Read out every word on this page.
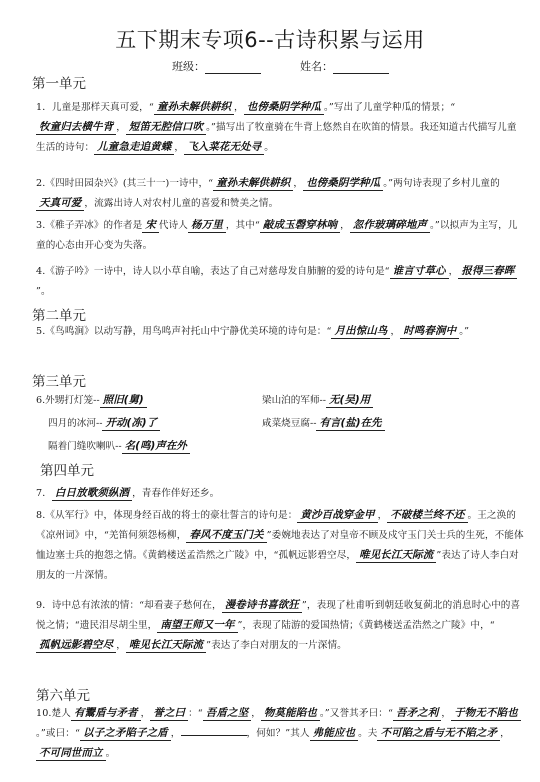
五下期末专项6--古诗积累与运用
班级：	姓名：
第一单元
1．儿童是那样天真可爱，“ 童孙未解供耕织 ， 也傍桑阴学种瓜 。”写出了儿童学种瓜的情景；“牧童归去横牛背 ， 短笛无腔信口吹 。”描写出了牧童骑在牛背上悠然自在吹笛的情景。我还知道古代描写儿童生活的诗句： 儿童急走追黄蝶 ， 飞入菜花无处寻 。
2.《四时田园杂兴》(其三十一)一诗中，“ 童孙未解供耕织 ， 也傍桑阴学种瓜 。”两句诗表现了乡村儿童的天真可爱 ，流露出诗人对农村儿童的喜爱和赞美之情。
3.《稚子弄冰》的作者是 宋 代诗人 杨万里 ，其中“ 敲成玉磬穿林响 ， 忽作玻璃碎地声 。”以拟声为主写，儿童的心态由开心变为失落。
4.《游子吟》一诗中，诗人以小草自喻，表达了自己对慈母发自肺腑的爱的诗句是“ 谁言寸草心 ， 报得三春晖”。
第二单元
5.《鸟鸣涧》以动写静，用鸟鸣声衬托山中宁静优美环境的诗句是：“ 月出惊山鸟 ， 时鸣春涧中 。”
第三单元
6.外甥打灯笼-- 照旧(舅)	梁山泊的军师-- 无(吴)用
四月的冰河-- 开动(冻)了	咸菜烧豆腐-- 有言(盐)在先
隔着门缝吹喇叭-- 名(鸣)声在外
第四单元
7． 白日放歌须纵酒 ，青春作伴好还乡。
8.《从军行》中，体现身经百战的将士的豪壮誓言的诗句是： 黄沙百战穿金甲 ， 不破楼兰终不还 。王之涣的《凉州词》中，“羌笛何须怨杨柳， 春风不度玉门关 ”委婉地表达了对皇帝不顾及戍守玉门关士兵的生死，不能体恤边塞士兵的抱怨之情。《黄鹤楼送孟浩然之广陵》中，“孤帆远影碧空尽， 唯见长江天际流 ”表达了诗人李白对朋友的一片深情。
9．诗中总有浓浓的情：“却看妻子愁何在， 漫卷诗书喜欲狂 ”，表现了杜甫听到朝廷收复蓟北的消息时心中的喜悦之情；“遗民泪尽胡尘里， 南望王师又一年 ”，表现了陆游的爱国热情；《黄鹤楼送孟浩然之广陵》中，“孤帆远影碧空尽 ， 唯见长江天际流 ”表达了李白对朋友的一片深情。
第六单元
10.楚人 有鬻盾与矛者 ， 誉之曰 ：“ 吾盾之坚 ， 物莫能陷也 。”又誉其矛曰：“ 吾矛之利 ， 于物无不陷也。”或曰：“ 以子之矛陷子之盾 ，	，何如？”其人 弗能应也 。夫 不可陷之盾与无不陷之矛 ，不可同世而立 。
